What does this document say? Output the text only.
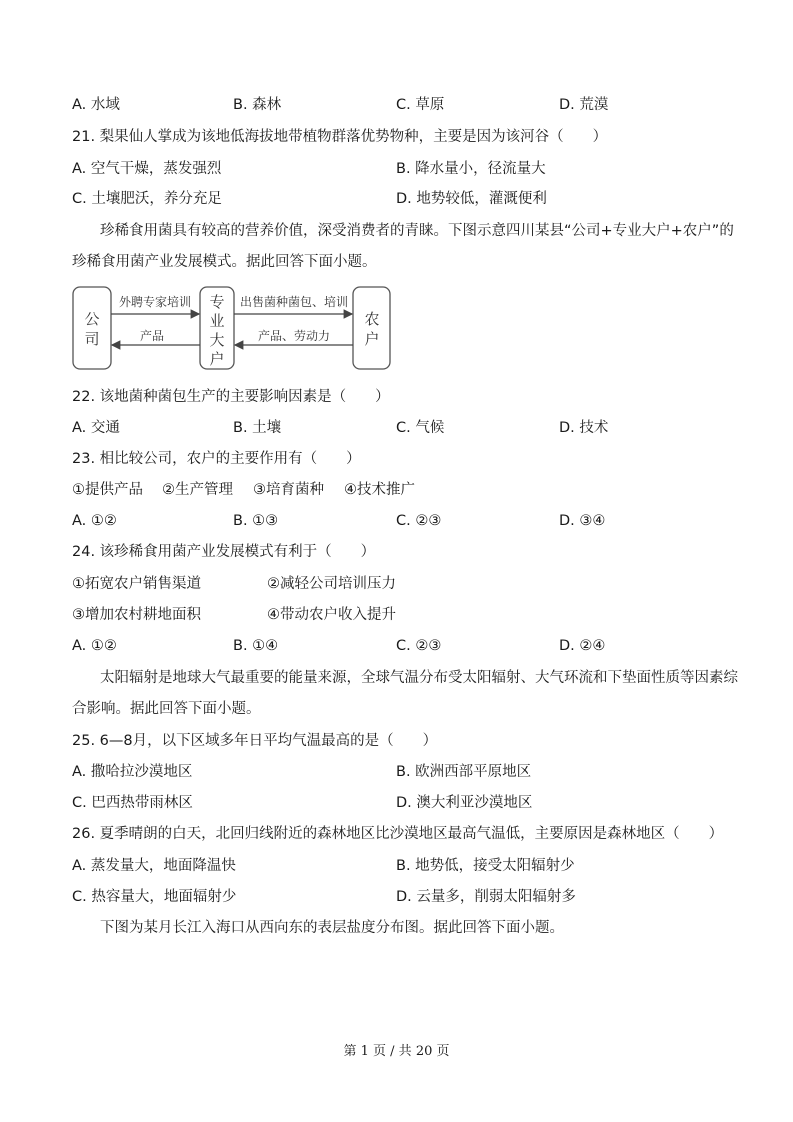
A. 水域	B. 森林	C. 草原	D. 荒漠
21. 梨果仙人掌成为该地低海拔地带植物群落优势物种，主要是因为该河谷（　　）
A. 空气干燥，蒸发强烈	B. 降水量小，径流量大
C. 土壤肥沃，养分充足	D. 地势较低，灌溉便利
珍稀食用菌具有较高的营养价值，深受消费者的青睐。下图示意四川某县“公司+专业大户+农户”的
珍稀食用菌产业发展模式。据此回答下面小题。
公
司
专
业
大
户
农
户
外聘专家培训
产品
出售菌种菌包、培训
产品、劳动力
22. 该地菌种菌包生产的主要影响因素是（　　）
A. 交通	B. 土壤	C. 气候	D. 技术
23. 相比较公司，农户的主要作用有（　　）
①提供产品 ②生产管理 ③培育菌种 ④技术推广
A. ①②	B. ①③	C. ②③	D. ③④
24. 该珍稀食用菌产业发展模式有利于（　　）
①拓宽农户销售渠道	②减轻公司培训压力
③增加农村耕地面积	④带动农户收入提升
A. ①②	B. ①④	C. ②③	D. ②④
太阳辐射是地球大气最重要的能量来源，全球气温分布受太阳辐射、大气环流和下垫面性质等因素综
合影响。据此回答下面小题。
25. 6—8月，以下区域多年日平均气温最高的是（　　）
A. 撒哈拉沙漠地区	B. 欧洲西部平原地区
C. 巴西热带雨林区	D. 澳大利亚沙漠地区
26. 夏季晴朗的白天，北回归线附近的森林地区比沙漠地区最高气温低，主要原因是森林地区（　　）
A. 蒸发量大，地面降温快	B. 地势低，接受太阳辐射少
C. 热容量大，地面辐射少	D. 云量多，削弱太阳辐射多
下图为某月长江入海口从西向东的表层盐度分布图。据此回答下面小题。
第 1 页 / 共 20 页
